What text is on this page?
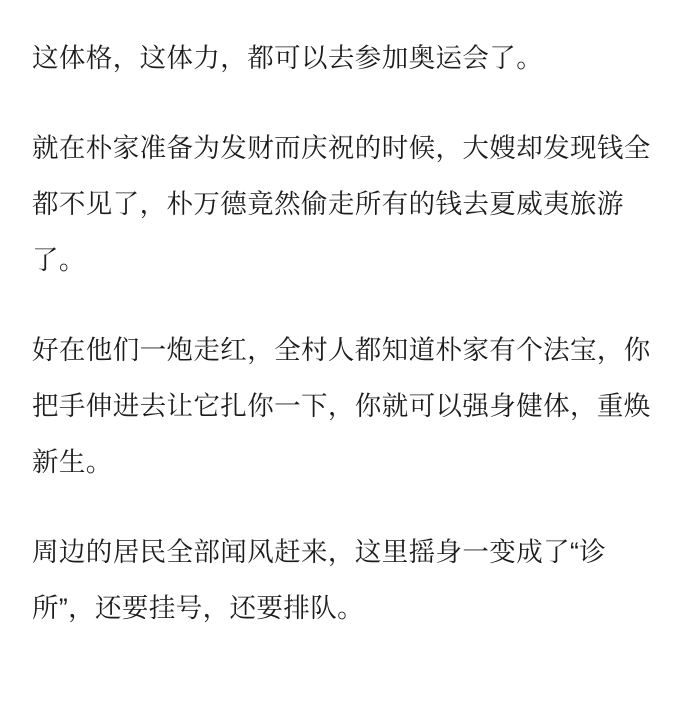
这体格，这体力，都可以去参加奥运会了。

就在朴家准备为发财而庆祝的时候，大嫂却发现钱全都不见了，朴万德竟然偷走所有的钱去夏威夷旅游了。

好在他们一炮走红，全村人都知道朴家有个法宝，你把手伸进去让它扎你一下，你就可以强身健体，重焕新生。

周边的居民全部闻风赶来，这里摇身一变成了“诊所”，还要挂号，还要排队。
